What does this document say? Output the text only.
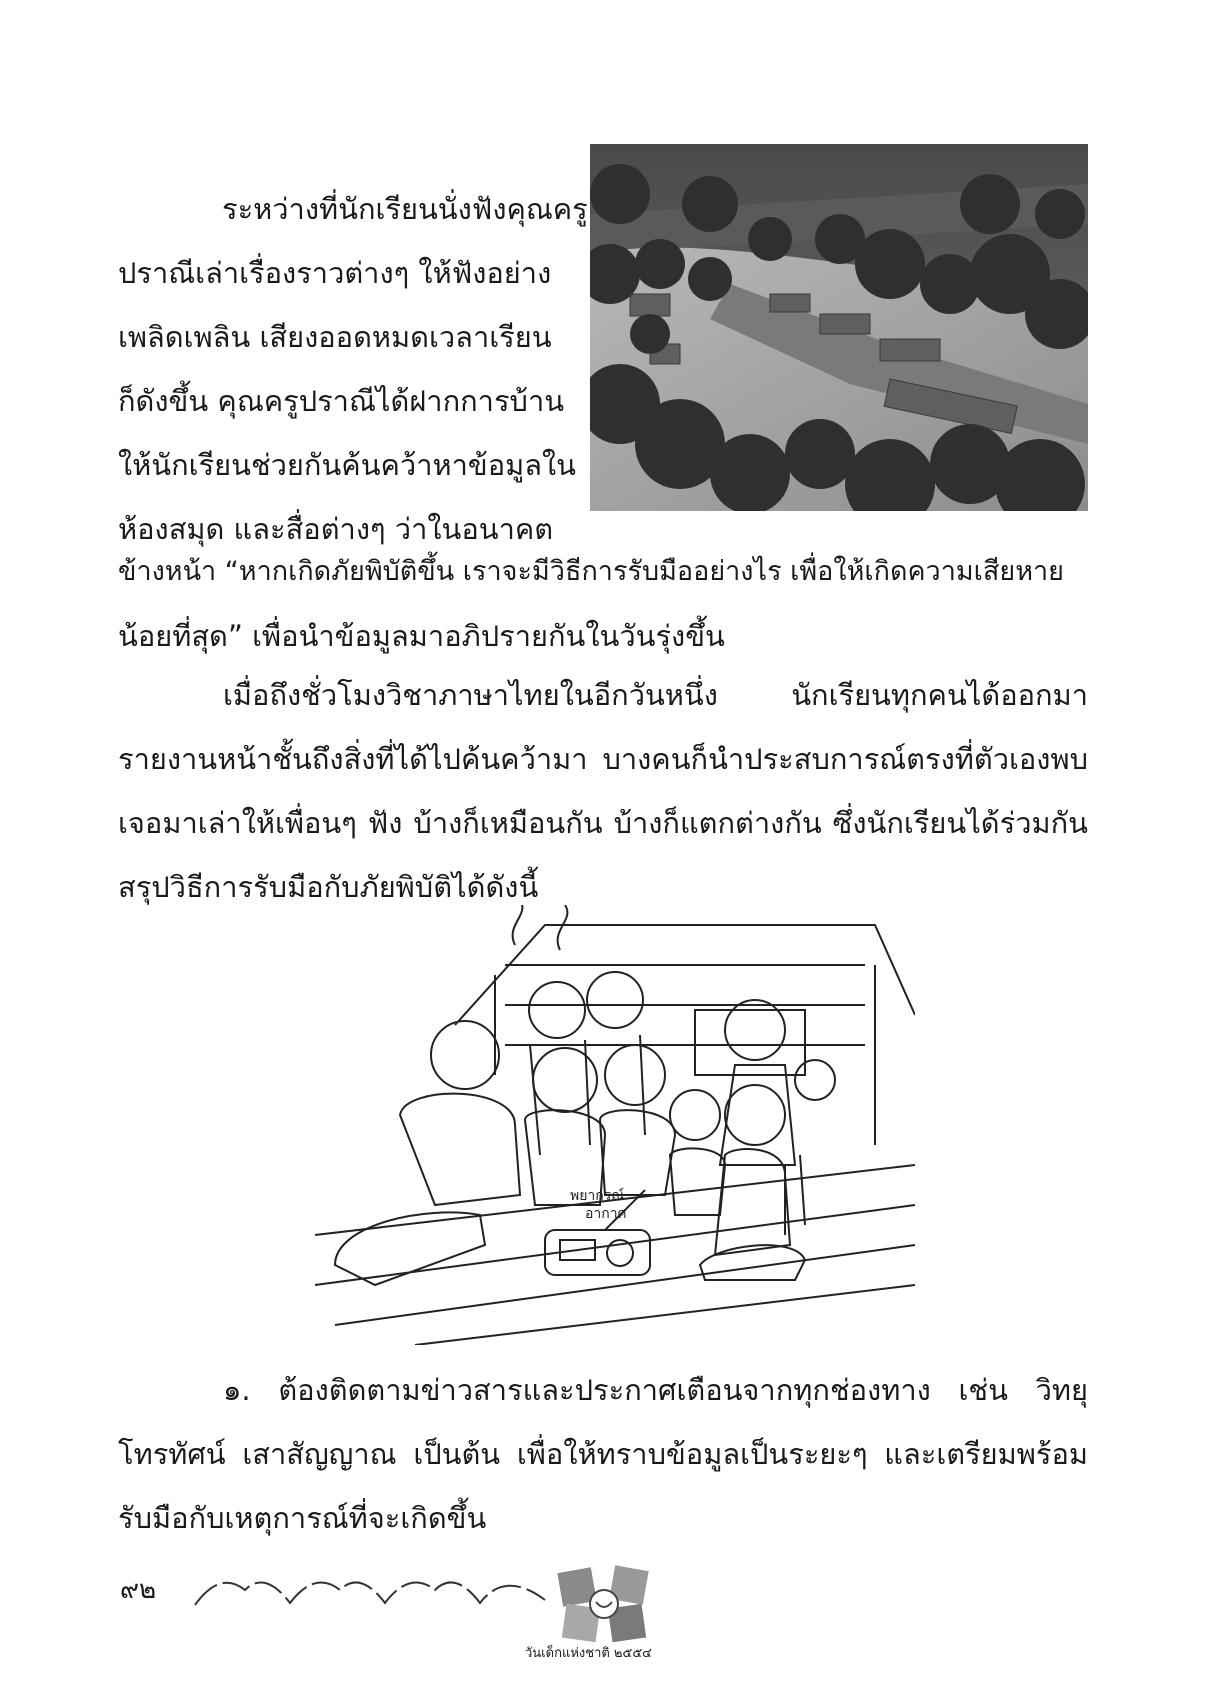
ระหว่างที่นักเรียนนั่งฟังคุณครู
ปราณีเล่าเรื่องราวต่างๆ ให้ฟังอย่าง
เพลิดเพลิน เสียงออดหมดเวลาเรียน
ก็ดังขึ้น คุณครูปราณีได้ฝากการบ้าน
ให้นักเรียนช่วยกันค้นคว้าหาข้อมูลใน
ห้องสมุด และสื่อต่างๆ ว่าในอนาคต
ข้างหน้า “หากเกิดภัยพิบัติขึ้น เราจะมีวิธีการรับมืออย่างไร เพื่อให้เกิดความเสียหาย
น้อยที่สุด” เพื่อนำข้อมูลมาอภิปรายกันในวันรุ่งขึ้น
เมื่อถึงชั่วโมงวิชาภาษาไทยในอีกวันหนึ่ง นักเรียนทุกคนได้ออกมารายงานหน้าชั้นถึงสิ่งที่ได้ไปค้นคว้ามา บางคนก็นำประสบการณ์ตรงที่ตัวเองพบเจอมาเล่าให้เพื่อนๆ ฟัง บ้างก็เหมือนกัน บ้างก็แตกต่างกัน ซึ่งนักเรียนได้ร่วมกันสรุปวิธีการรับมือกับภัยพิบัติได้ดังนี้
พยากรณ์
อากาศ
๑. ต้องติดตามข่าวสารและประกาศเตือนจากทุกช่องทาง เช่น วิทยุโทรทัศน์ เสาสัญญาณ เป็นต้น เพื่อให้ทราบข้อมูลเป็นระยะๆ และเตรียมพร้อมรับมือกับเหตุการณ์ที่จะเกิดขึ้น
๙๒
วันเด็กแห่งชาติ ๒๕๕๔
